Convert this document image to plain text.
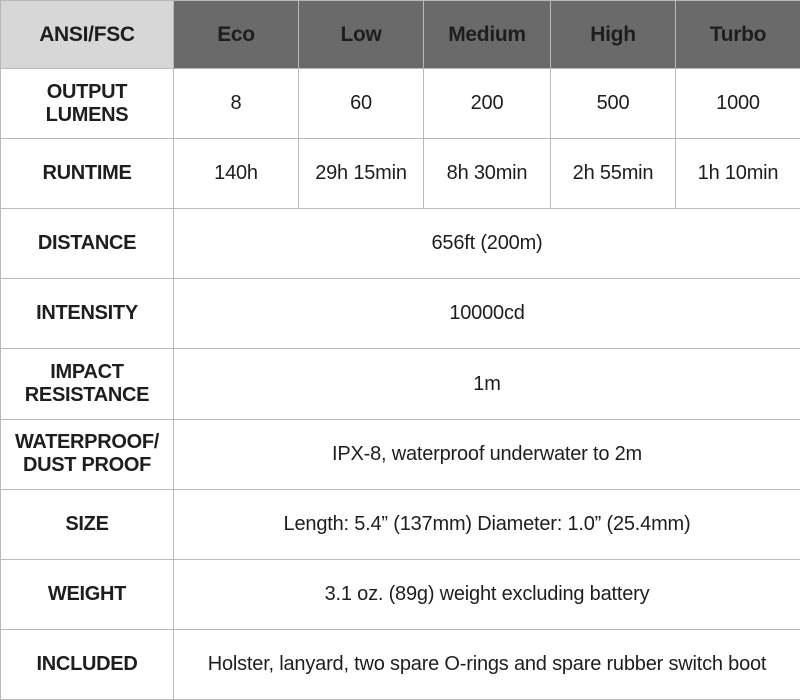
ANSI/FSC	Eco	Low	Medium	High	Turbo
OUTPUT
LUMENS	8	60	200	500	1000
RUNTIME	140h	29h 15min	8h 30min	2h 55min	1h 10min
DISTANCE	656ft (200m)				
INTENSITY	10000cd				
IMPACT
RESISTANCE	1m				
WATERPROOF/
DUST PROOF	IPX-8, waterproof underwater to 2m				
SIZE	Length: 5.4” (137mm) Diameter: 1.0” (25.4mm)				
WEIGHT	3.1 oz. (89g) weight excluding battery				
INCLUDED	Holster, lanyard, two spare O-rings and spare rubber switch boot				
